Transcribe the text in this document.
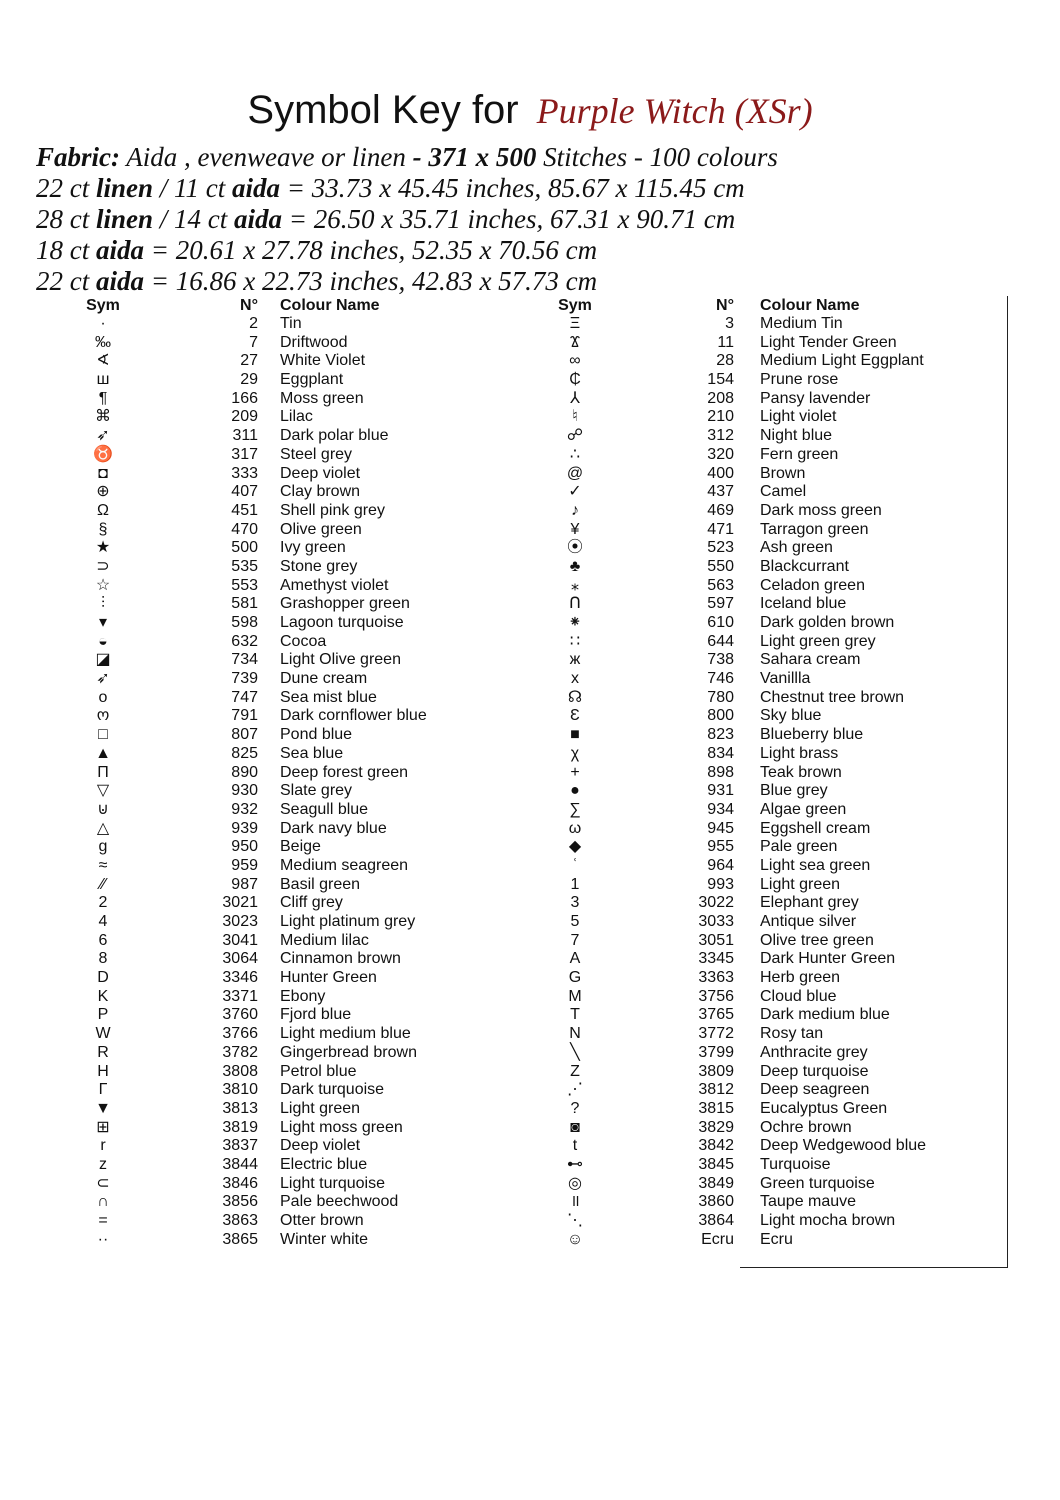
Symbol Key for Purple Witch (XSr)
Fabric: Aida , evenweave or linen - 371 x 500 Stitches - 100 colours
22 ct linen / 11 ct aida = 33.73 x 45.45 inches, 85.67 x 115.45 cm
28 ct linen / 14 ct aida = 26.50 x 35.71 inches, 67.31 x 90.71 cm
18 ct aida = 20.61 x 27.78 inches, 52.35 x 70.56 cm
22 ct aida = 16.86 x 22.73 inches, 42.83 x 57.73 cm
Sym	N° Colour Name
·	2 Tin
‰	7 Driftwood
∢	27 White Violet
ш	29 Eggplant
¶	166 Moss green
⌘	209 Lilac
➶	311 Dark polar blue
♉	317 Steel grey
◘	333 Deep violet
⊕	407 Clay brown
Ω	451 Shell pink grey
§	470 Olive green
★	500 Ivy green
⊃	535 Stone grey
☆	553 Amethyst violet
⫶	581 Grashopper green
▾	598 Lagoon turquoise
◒	632 Cocoa
◪	734 Light Olive green
➶	739 Dune cream
o	747 Sea mist blue
ო	791 Dark cornflower blue
□	807 Pond blue
▲	825 Sea blue
Π	890 Deep forest green
▽	930 Slate grey
⊍	932 Seagull blue
△	939 Dark navy blue
g	950 Beige
≈	959 Medium seagreen
⁄⁄	987 Basil green
2	3021 Cliff grey
4	3023 Light platinum grey
6	3041 Medium lilac
8	3064 Cinnamon brown
D	3346 Hunter Green
K	3371 Ebony
P	3760 Fjord blue
W	3766 Light medium blue
R	3782 Gingerbread brown
H	3808 Petrol blue
Γ	3810 Dark turquoise
▼	3813 Light green
⊞	3819 Light moss green
r	3837 Deep violet
z	3844 Electric blue
⊂	3846 Light turquoise
∩	3856 Pale beechwood
=	3863 Otter brown
··	3865 Winter white
Sym	N° Colour Name
Ξ	3 Medium Tin
Ϫ	11 Light Tender Green
∞	28 Medium Light Eggplant
₵	154 Prune rose
⅄	208 Pansy lavender
♮	210 Light violet
☍	312 Night blue
∴	320 Fern green
@	400 Brown
✓	437 Camel
♪	469 Dark moss green
¥	471 Tarragon green
⦿	523 Ash green
♣	550 Blackcurrant
⁎	563 Celadon green
ᑎ	597 Iceland blue
⁕	610 Dark golden brown
∷	644 Light green grey
ж	738 Sahara cream
x	746 Vanillla
☊	780 Chestnut tree brown
Ɛ	800 Sky blue
■	823 Blueberry blue
χ	834 Light brass
+	898 Teak brown
●	931 Blue grey
∑	934 Algae green
ω	945 Eggshell cream
◆	955 Pale green
ʿ	964 Light sea green
1	993 Light green
3	3022 Elephant grey
5	3033 Antique silver
7	3051 Olive tree green
A	3345 Dark Hunter Green
G	3363 Herb green
M	3756 Cloud blue
T	3765 Dark medium blue
N	3772 Rosy tan
╲	3799 Anthracite grey
Z	3809 Deep turquoise
⋰	3812 Deep seagreen
?	3815 Eucalyptus Green
◙	3829 Ochre brown
t	3842 Deep Wedgewood blue
⊷	3845 Turquoise
◎	3849 Green turquoise
॥	3860 Taupe mauve
⋱	3864 Light mocha brown
☺	Ecru Ecru
